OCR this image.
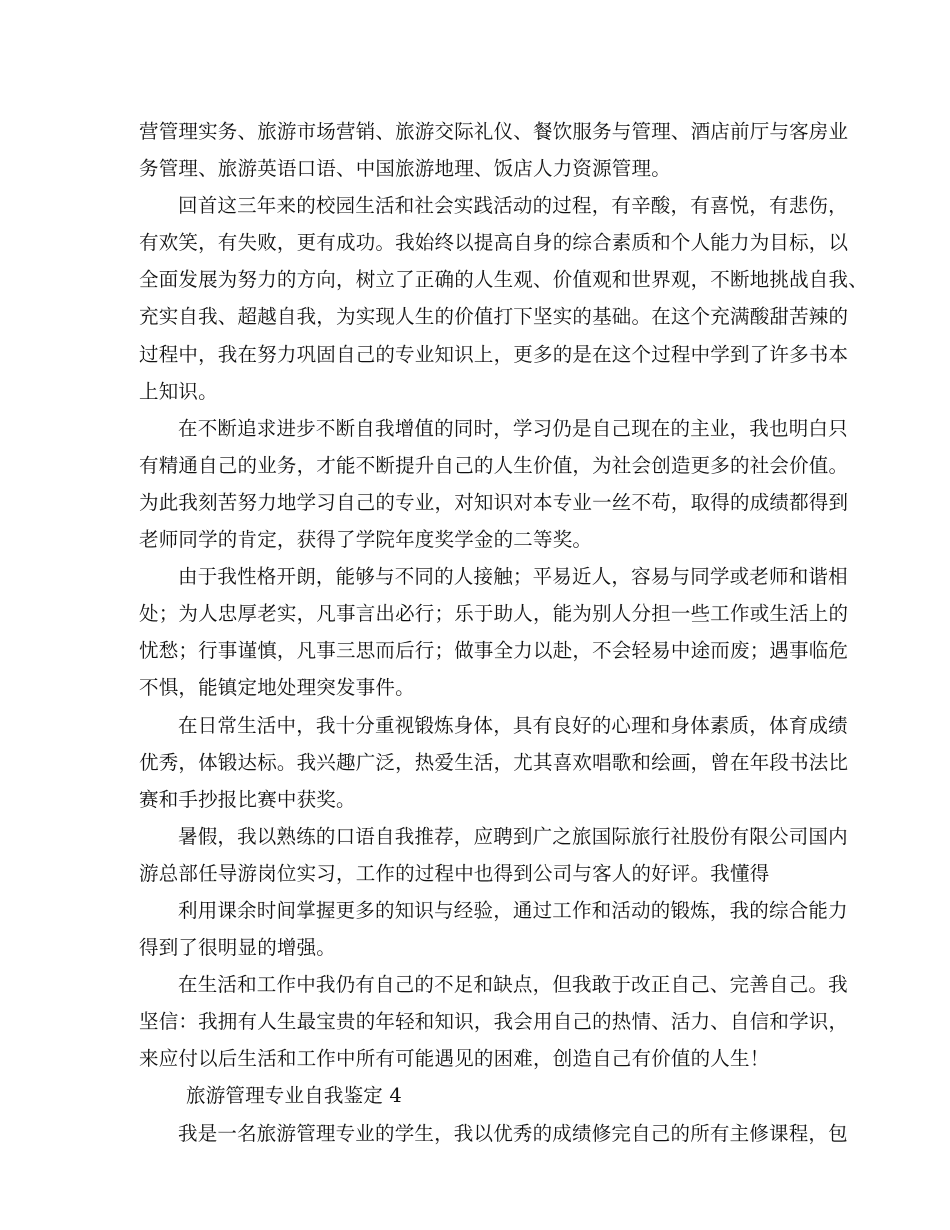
营管理实务、旅游市场营销、旅游交际礼仪、餐饮服务与管理、酒店前厅与客房业
务管理、旅游英语口语、中国旅游地理、饭店人力资源管理。
回首这三年来的校园生活和社会实践活动的过程，有辛酸，有喜悦，有悲伤，
有欢笑，有失败，更有成功。我始终以提高自身的综合素质和个人能力为目标，以
全面发展为努力的方向，树立了正确的人生观、价值观和世界观，不断地挑战自我、
充实自我、超越自我，为实现人生的价值打下坚实的基础。在这个充满酸甜苦辣的
过程中，我在努力巩固自己的专业知识上，更多的是在这个过程中学到了许多书本
上知识。
在不断追求进步不断自我增值的同时，学习仍是自己现在的主业，我也明白只
有精通自己的业务，才能不断提升自己的人生价值，为社会创造更多的社会价值。
为此我刻苦努力地学习自己的专业，对知识对本专业一丝不苟，取得的成绩都得到
老师同学的肯定，获得了学院年度奖学金的二等奖。
由于我性格开朗，能够与不同的人接触；平易近人，容易与同学或老师和谐相
处；为人忠厚老实，凡事言出必行；乐于助人，能为别人分担一些工作或生活上的
忧愁；行事谨慎，凡事三思而后行；做事全力以赴，不会轻易中途而废；遇事临危
不惧，能镇定地处理突发事件。
在日常生活中，我十分重视锻炼身体，具有良好的心理和身体素质，体育成绩
优秀，体锻达标。我兴趣广泛，热爱生活，尤其喜欢唱歌和绘画，曾在年段书法比
赛和手抄报比赛中获奖。
暑假，我以熟练的口语自我推荐，应聘到广之旅国际旅行社股份有限公司国内
游总部任导游岗位实习，工作的过程中也得到公司与客人的好评。我懂得
利用课余时间掌握更多的知识与经验，通过工作和活动的锻炼，我的综合能力
得到了很明显的增强。
在生活和工作中我仍有自己的不足和缺点，但我敢于改正自己、完善自己。我
坚信：我拥有人生最宝贵的年轻和知识，我会用自己的热情、活力、自信和学识，
来应付以后生活和工作中所有可能遇见的困难，创造自己有价值的人生！
旅游管理专业自我鉴定 4
我是一名旅游管理专业的学生，我以优秀的成绩修完自己的所有主修课程，包
